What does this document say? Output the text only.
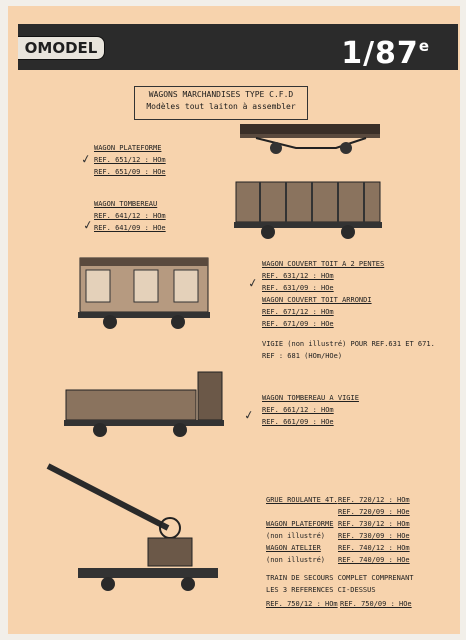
OMODEL	1/87e
WAGONS MARCHANDISES TYPE C.F.D
Modèles tout laiton à assembler
✓
WAGON PLATEFORME
REF. 651/12 : HOm
REF. 651/09 : HOe
✓
WAGON TOMBEREAU
REF. 641/12 : HOm
REF. 641/09 : HOe
✓
WAGON COUVERT TOIT A 2 PENTES
REF. 631/12 : HOm
REF. 631/09 : HOe
WAGON COUVERT TOIT ARRONDI
REF. 671/12 : HOm
REF. 671/09 : HOe
VIGIE (non illustré) POUR REF.631 ET 671.
REF : 681 (HOm/HOe)
✓
WAGON TOMBEREAU A VIGIE
REF. 661/12 : HOm
REF. 661/09 : HOe
GRUE ROULANTE 4T. REF. 720/12 : HOm
REF. 720/09 : HOe
WAGON PLATEFORME REF. 730/12 : HOm
(non illustré) REF. 730/09 : HOe
WAGON ATELIER REF. 740/12 : HOm
(non illustré) REF. 740/09 : HOe
TRAIN DE SECOURS COMPLET COMPRENANT
LES 3 REFERENCES CI-DESSUS
REF. 750/12 : HOm REF. 750/09 : HOe
